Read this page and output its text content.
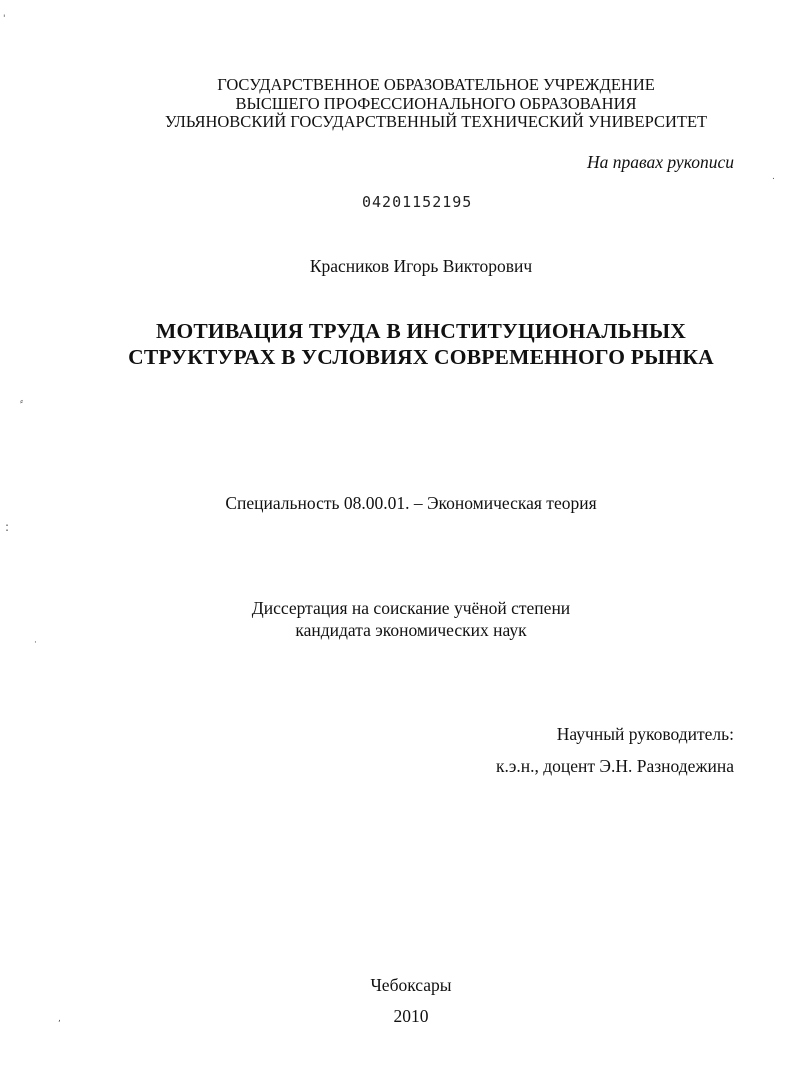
'
⸗
:
·
.
,
ГОСУДАРСТВЕННОЕ ОБРАЗОВАТЕЛЬНОЕ УЧРЕЖДЕНИЕ
ВЫСШЕГО ПРОФЕССИОНАЛЬНОГО ОБРАЗОВАНИЯ
УЛЬЯНОВСКИЙ ГОСУДАРСТВЕННЫЙ ТЕХНИЧЕСКИЙ УНИВЕРСИТЕТ
На правах рукописи
04201152195
Красников Игорь Викторович
МОТИВАЦИЯ ТРУДА В ИНСТИТУЦИОНАЛЬНЫХ
СТРУКТУРАХ В УСЛОВИЯХ СОВРЕМЕННОГО РЫНКА
Специальность 08.00.01. – Экономическая теория
Диссертация на соискание учёной степени
кандидата экономических наук
Научный руководитель:
к.э.н., доцент Э.Н. Разнодежина
Чебоксары
2010
